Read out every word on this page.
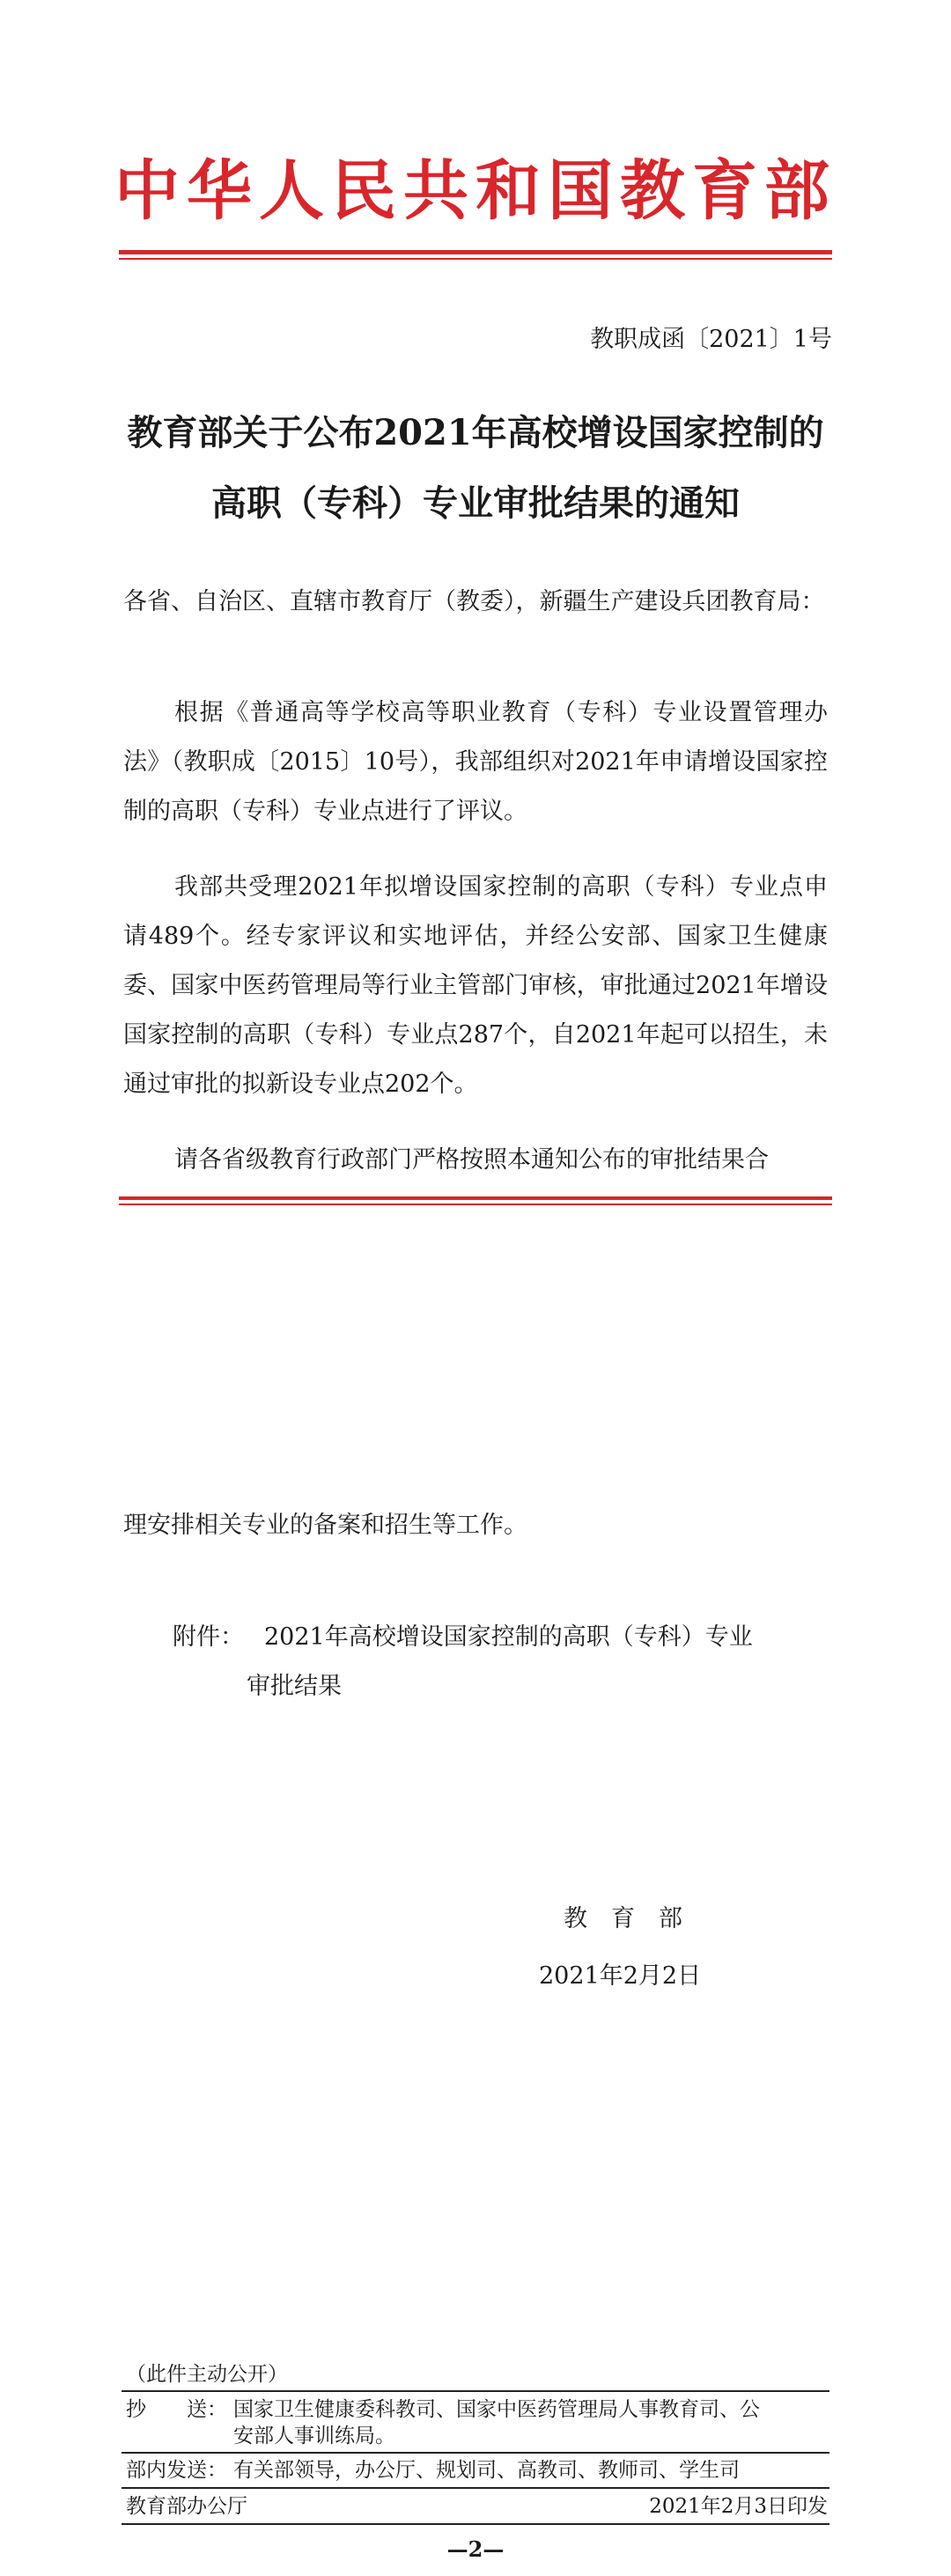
中华人民共和国教育部
教职成函〔2021〕1号
教育部关于公布2021年高校增设国家控制的
高职（专科）专业审批结果的通知
各省、自治区、直辖市教育厅（教委），新疆生产建设兵团教育局：
根据《普通高等学校高等职业教育（专科）专业设置管理办法》（教职成〔2015〕10号），我部组织对2021年申请增设国家控制的高职（专科）专业点进行了评议。
我部共受理2021年拟增设国家控制的高职（专科）专业点申请489个。经专家评议和实地评估，并经公安部、国家卫生健康委、国家中医药管理局等行业主管部门审核，审批通过2021年增设国家控制的高职（专科）专业点287个，自2021年起可以招生，未通过审批的拟新设专业点202个。
请各省级教育行政部门严格按照本通知公布的审批结果合
理安排相关专业的备案和招生等工作。
附件： 2021年高校增设国家控制的高职（专科）专业
审批结果
教　育　部
2021年2月2日
（此件主动公开）
抄　　送： 国家卫生健康委科教司、国家中医药管理局人事教育司、公
安部人事训练局。
部内发送： 有关部领导，办公厅、规划司、高教司、教师司、学生司
教育部办公厅	2021年2月3日印发
—2—
